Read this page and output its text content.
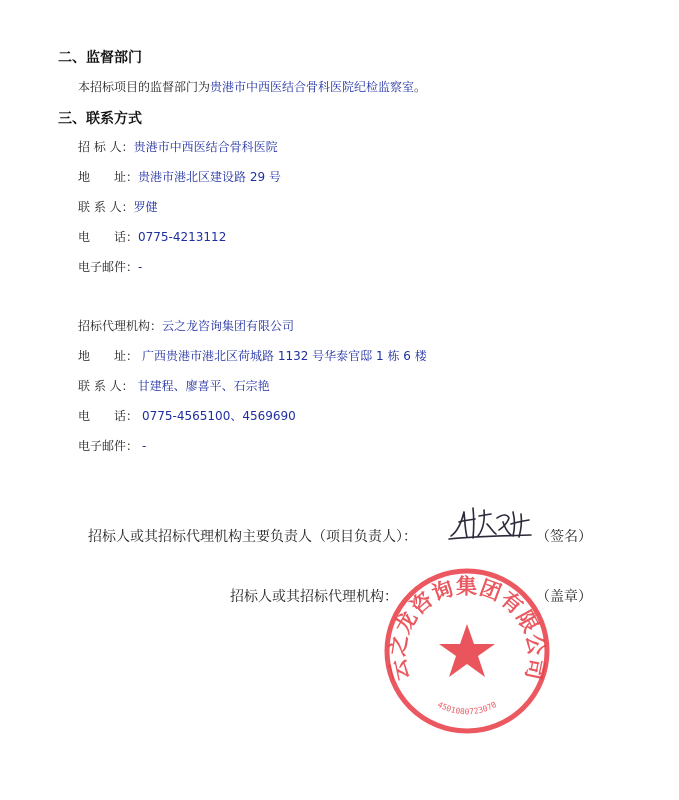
二、监督部门
本招标项目的监督部门为贵港市中西医结合骨科医院纪检监察室。
三、联系方式
招 标 人：贵港市中西医结合骨科医院
地　　址：贵港市港北区建设路 29 号
联 系 人：罗健
电　　话：0775-4213112
电子邮件：-
招标代理机构：云之龙咨询集团有限公司
地　　址： 广西贵港市港北区荷城路 1132 号华泰官邸 1 栋 6 楼
联 系 人： 甘建程、廖喜平、石宗艳
电　　话： 0775-4565100、4569690
电子邮件： -
招标人或其招标代理机构主要负责人（项目负责人）：	（签名）
招标人或其招标代理机构：	（盖章）
云之龙咨询集团有限公司
4501080723070
